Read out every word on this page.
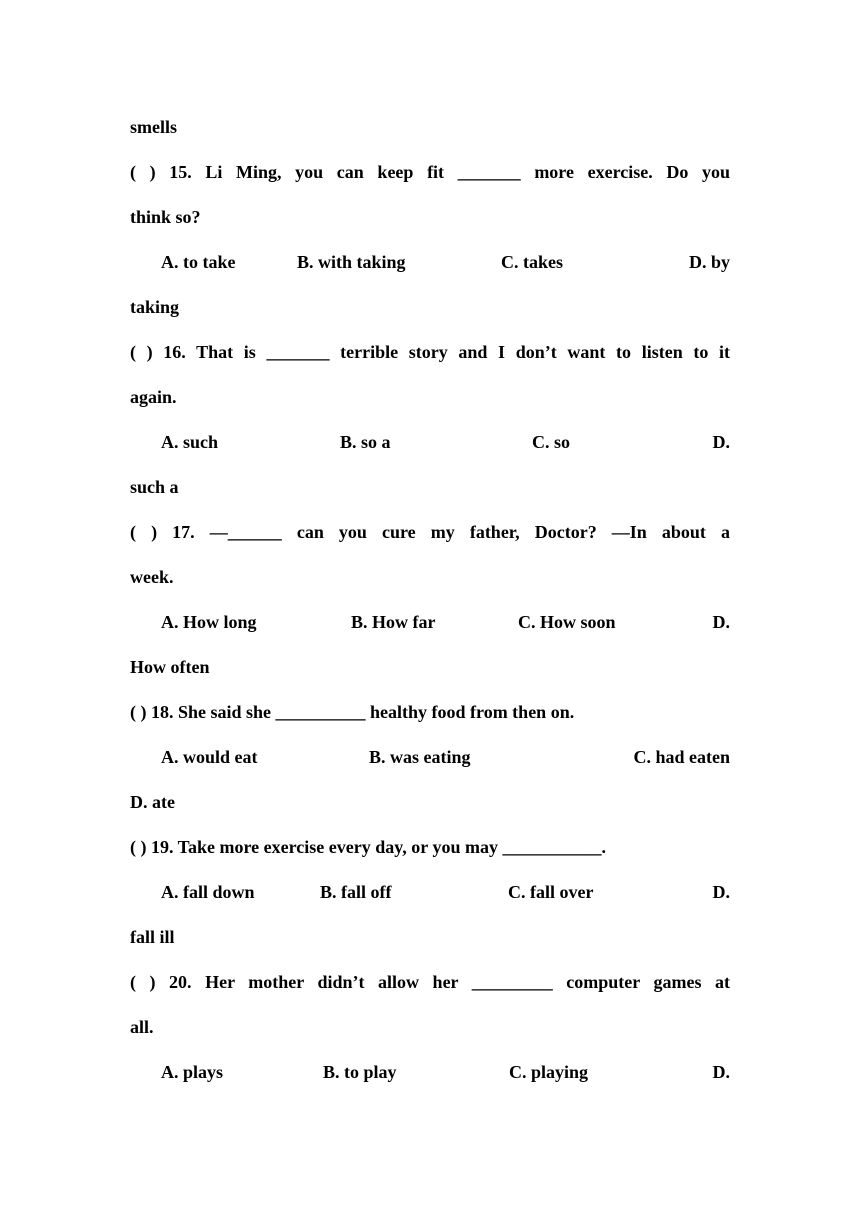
smells
( ) 15. Li Ming, you can keep fit _______ more exercise. Do you
think so?
A. to take	B. with taking	C. takes	D. by
taking
( ) 16. That is _______ terrible story and I don’t want to listen to it
again.
A. such	B. so a	C. so	D.
such a
( ) 17. —______ can you cure my father, Doctor? —In about a
week.
A. How long	B. How far	C. How soon	D.
How often
( ) 18. She said she __________ healthy food from then on.
A. would eat	B. was eating	C. had eaten
D. ate
( ) 19. Take more exercise every day, or you may ___________.
A. fall down	B. fall off	C. fall over	D.
fall ill
( ) 20. Her mother didn’t allow her _________ computer games at
all.
A. plays	B. to play	C. playing	D.
